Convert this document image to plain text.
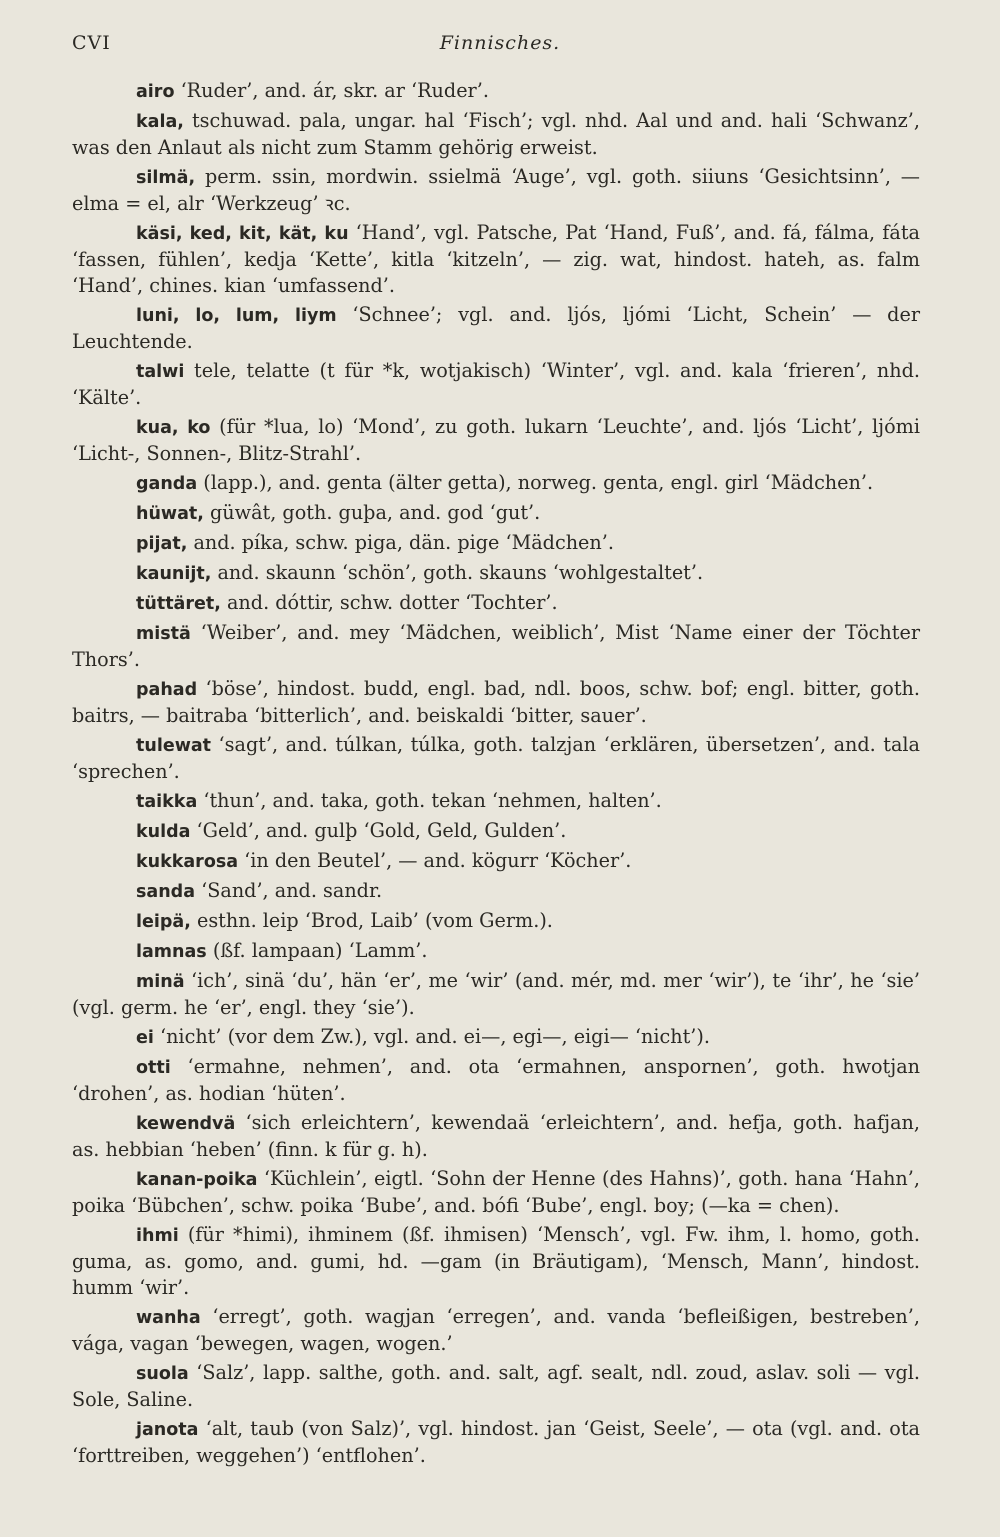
CVI	Finnisches.

airo ‘Ruder’, and. ár, skr. ar ‘Ruder’.

kala, tschuwad. pala, ungar. hal ‘Fisch’; vgl. nhd. Aal und and. hali ‘Schwanz’, was den Anlaut als nicht zum Stamm gehörig erweist.

silmä, perm. ssin, mordwin. ssielmä ‘Auge’, vgl. goth. siiuns ‘Gesichtsinn’, — elma = el, alr ‘Werkzeug’ ꝛc.

käsi, ked, kit, kät, ku ‘Hand’, vgl. Patsche, Pat ‘Hand, Fuß’, and. fá, fálma, fáta ‘fassen, fühlen’, kedja ‘Kette’, kitla ‘kitzeln’, — zig. wat, hindost. hateh, as. falm ‘Hand’, chines. kian ‘umfassend’.

luni, lo, lum, liym ‘Schnee’; vgl. and. ljós, ljómi ‘Licht, Schein’ — der Leuchtende.

talwi tele, telatte (t für *k, wotjakisch) ‘Winter’, vgl. and. kala ‘frieren’, nhd. ‘Kälte’.

kua, ko (für *lua, lo) ‘Mond’, zu goth. lukarn ‘Leuchte’, and. ljós ‘Licht’, ljómi ‘Licht-, Sonnen-, Blitz-Strahl’.

ganda (lapp.), and. genta (älter getta), norweg. genta, engl. girl ‘Mädchen’.

hüwat, güwât, goth. guþa, and. god ‘gut’.

pijat, and. píka, schw. piga, dän. pige ‘Mädchen’.

kaunijt, and. skaunn ‘schön’, goth. skauns ‘wohlgestaltet’.

tüttäret, and. dóttir, schw. dotter ‘Tochter’.

mistä ‘Weiber’, and. mey ‘Mädchen, weiblich’, Mist ‘Name einer der Töchter Thors’.

pahad ‘böse’, hindost. budd, engl. bad, ndl. boos, schw. bof; engl. bitter, goth. baitrs, — baitraba ‘bitterlich’, and. beiskaldi ‘bitter, sauer’.

tulewat ‘sagt’, and. túlkan, túlka, goth. talzjan ‘erklären, übersetzen’, and. tala ‘sprechen’.

taikka ‘thun’, and. taka, goth. tekan ‘nehmen, halten’.

kulda ‘Geld’, and. gulþ ‘Gold, Geld, Gulden’.

kukkarosa ‘in den Beutel’, — and. kögurr ‘Köcher’.

sanda ‘Sand’, and. sandr.

leipä, esthn. leip ‘Brod, Laib’ (vom Germ.).

lamnas (ßf. lampaan) ‘Lamm’.

minä ‘ich’, sinä ‘du’, hän ‘er’, me ‘wir’ (and. mér, md. mer ‘wir’), te ‘ihr’, he ‘sie’ (vgl. germ. he ‘er’, engl. they ‘sie’).

ei ‘nicht’ (vor dem Zw.), vgl. and. ei—, egi—, eigi— ‘nicht’).

otti ‘ermahne, nehmen’, and. ota ‘ermahnen, anspornen’, goth. hwotjan ‘drohen’, as. hodian ‘hüten’.

kewendvä ‘sich erleichtern’, kewendaä ‘erleichtern’, and. hefja, goth. hafjan, as. hebbian ‘heben’ (finn. k für g. h).

kanan-poika ‘Küchlein’, eigtl. ‘Sohn der Henne (des Hahns)’, goth. hana ‘Hahn’, poika ‘Bübchen’, schw. poika ‘Bube’, and. bófi ‘Bube’, engl. boy; (—ka = chen).

ihmi (für *himi), ihminem (ßf. ihmisen) ‘Mensch’, vgl. Fw. ihm, l. homo, goth. guma, as. gomo, and. gumi, hd. —gam (in Bräutigam), ‘Mensch, Mann’, hindost. humm ‘wir’.

wanha ‘erregt’, goth. wagjan ‘erregen’, and. vanda ‘befleißigen, bestreben’, vága, vagan ‘bewegen, wagen, wogen.’

suola ‘Salz’, lapp. salthe, goth. and. salt, agf. sealt, ndl. zoud, aslav. soli — vgl. Sole, Saline.

janota ‘alt, taub (von Salz)’, vgl. hindost. jan ‘Geist, Seele’, — ota (vgl. and. ota ‘forttreiben, weggehen’) ‘entflohen’.
